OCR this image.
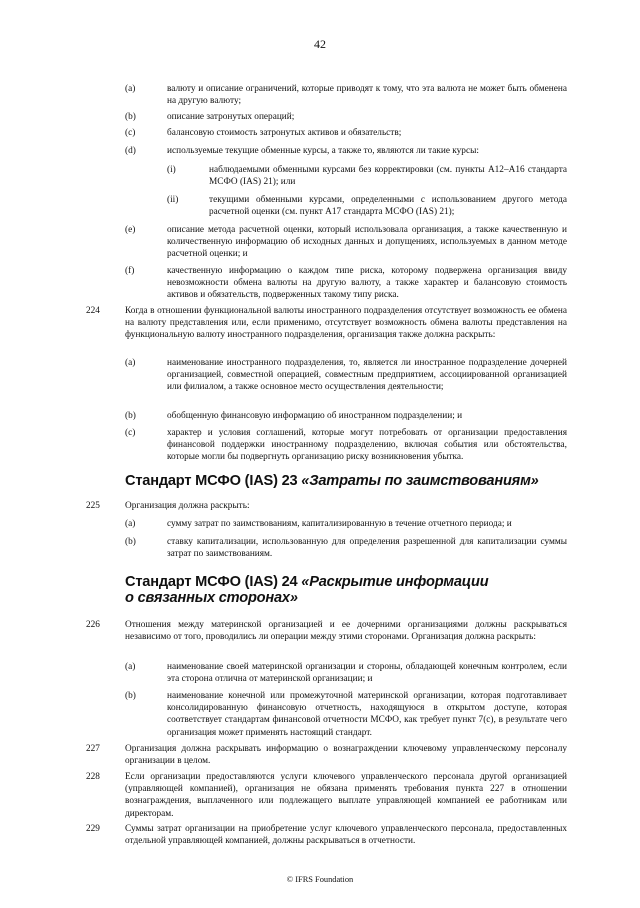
42
(a)	валюту и описание ограничений, которые приводят к тому, что эта валюта не может быть обменена на другую валюту;
(b)	описание затронутых операций;
(c)	балансовую стоимость затронутых активов и обязательств;
(d)	используемые текущие обменные курсы, а также то, являются ли такие курсы:
(i)	наблюдаемыми обменными курсами без корректировки (см. пункты A12–A16 стандарта МСФО (IAS) 21); или
(ii)	текущими обменными курсами, определенными с использованием другого метода расчетной оценки (см. пункт A17 стандарта МСФО (IAS) 21);
(e)	описание метода расчетной оценки, который использовала организация, а также качественную и количественную информацию об исходных данных и допущениях, используемых в данном методе расчетной оценки; и
(f)	качественную информацию о каждом типе риска, которому подвержена организация ввиду невозможности обмена валюты на другую валюту, а также характер и балансовую стоимость активов и обязательств, подверженных такому типу риска.
224	Когда в отношении функциональной валюты иностранного подразделения отсутствует возможность ее обмена на валюту представления или, если применимо, отсутствует возможность обмена валюты представления на функциональную валюту иностранного подразделения, организация также должна раскрыть:
(a)	наименование иностранного подразделения, то, является ли иностранное подразделение дочерней организацией, совместной операцией, совместным предприятием, ассоциированной организацией или филиалом, а также основное место осуществления деятельности;
(b)	обобщенную финансовую информацию об иностранном подразделении; и
(c)	характер и условия соглашений, которые могут потребовать от организации предоставления финансовой поддержки иностранному подразделению, включая события или обстоятельства, которые могли бы подвергнуть организацию риску возникновения убытка.
Стандарт МСФО (IAS) 23 «Затраты по заимствованиям»
225	Организация должна раскрыть:
(a)	сумму затрат по заимствованиям, капитализированную в течение отчетного периода; и
(b)	ставку капитализации, использованную для определения разрешенной для капитализации суммы затрат по заимствованиям.
Стандарт МСФО (IAS) 24 «Раскрытие информации
о связанных сторонах»
226	Отношения между материнской организацией и ее дочерними организациями должны раскрываться независимо от того, проводились ли операции между этими сторонами. Организация должна раскрыть:
(a)	наименование своей материнской организации и стороны, обладающей конечным контролем, если эта сторона отлична от материнской организации; и
(b)	наименование конечной или промежуточной материнской организации, которая подготавливает консолидированную финансовую отчетность, находящуюся в открытом доступе, которая соответствует стандартам финансовой отчетности МСФО, как требует пункт 7(c), в результате чего организация может применять настоящий стандарт.
227	Организация должна раскрывать информацию о вознаграждении ключевому управленческому персоналу организации в целом.
228	Если организации предоставляются услуги ключевого управленческого персонала другой организацией (управляющей компанией), организация не обязана применять требования пункта 227 в отношении вознаграждения, выплаченного или подлежащего выплате управляющей компанией ее работникам или директорам.
229	Суммы затрат организации на приобретение услуг ключевого управленческого персонала, предоставленных отдельной управляющей компанией, должны раскрываться в отчетности.
© IFRS Foundation
